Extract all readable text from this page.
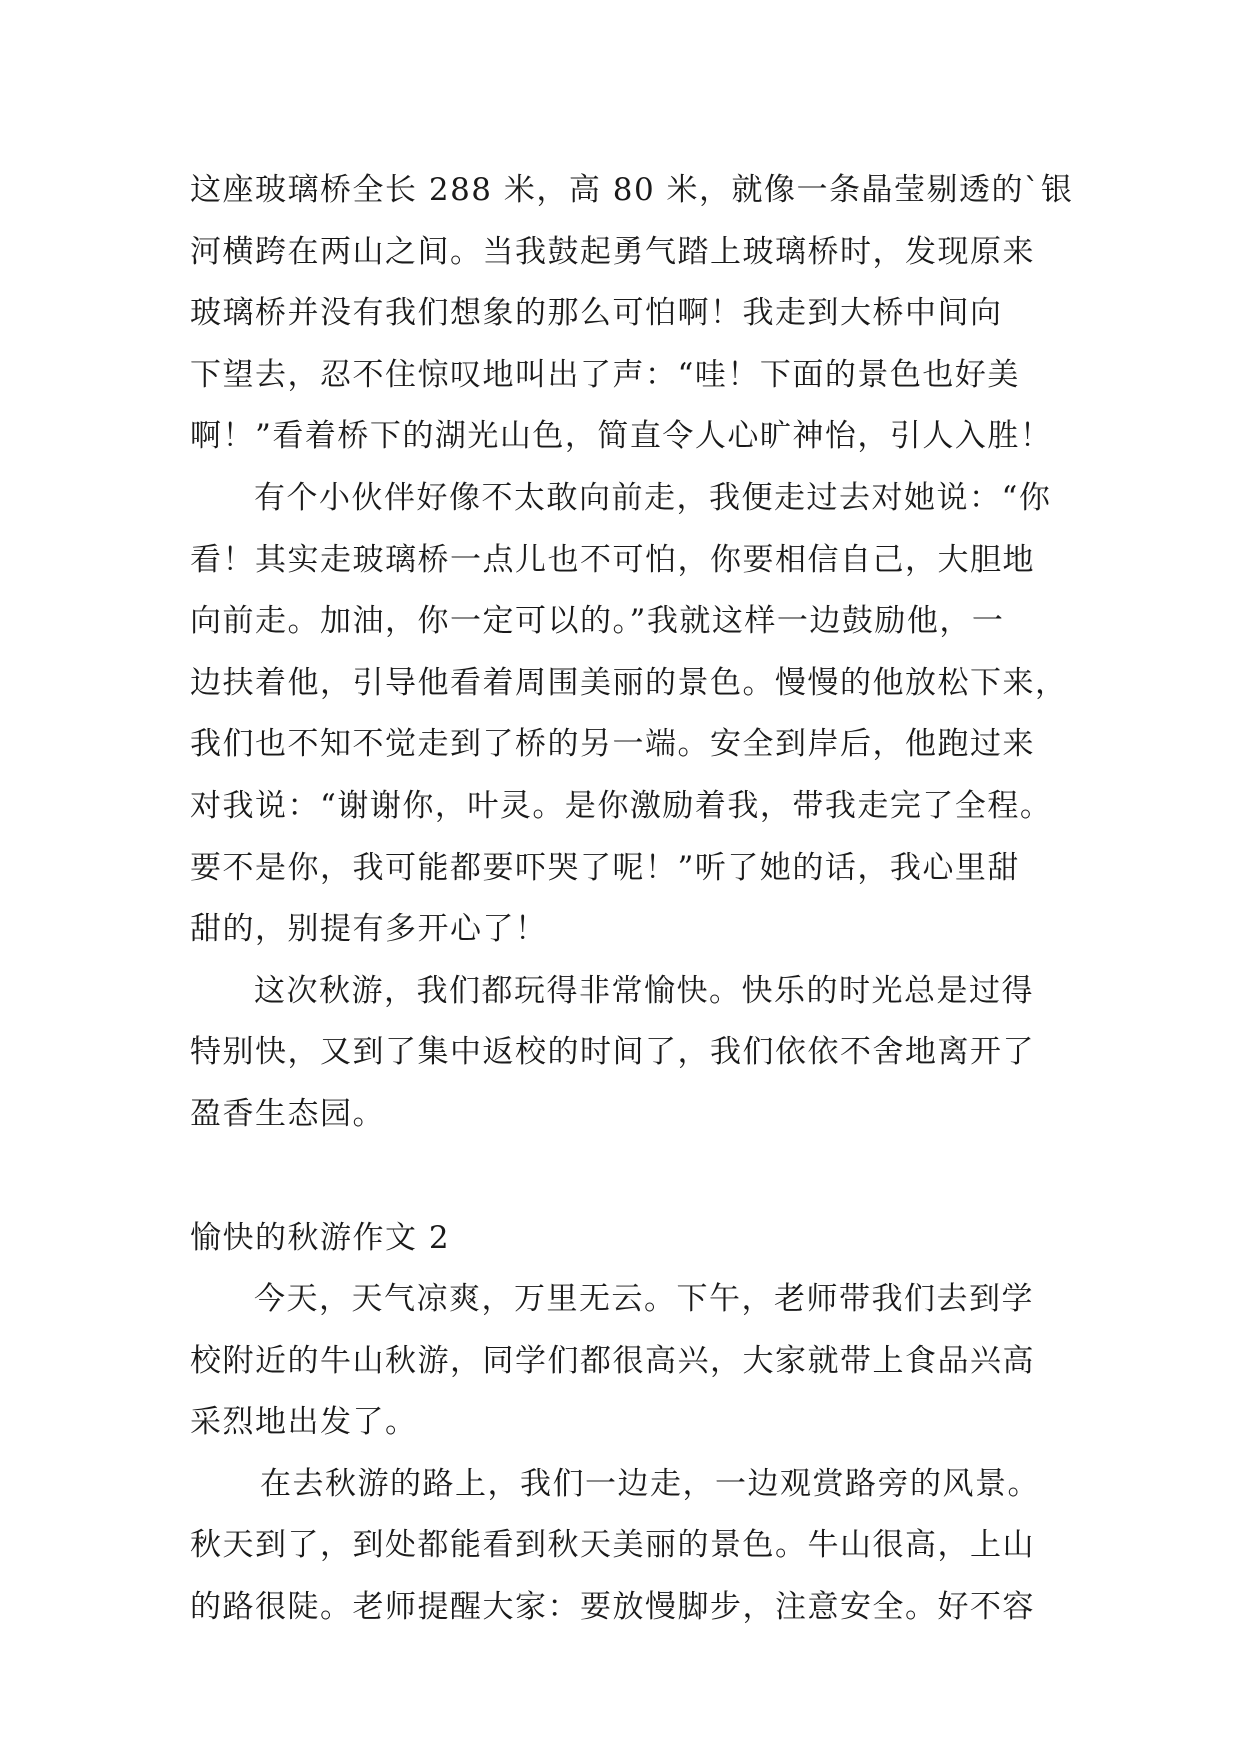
这座玻璃桥全长 288 米，高 80 米，就像一条晶莹剔透的`银
河横跨在两山之间。当我鼓起勇气踏上玻璃桥时，发现原来
玻璃桥并没有我们想象的那么可怕啊！我走到大桥中间向
下望去，忍不住惊叹地叫出了声：“哇！下面的景色也好美
啊！”看着桥下的湖光山色，简直令人心旷神怡，引人入胜！
有个小伙伴好像不太敢向前走，我便走过去对她说：“你
看！其实走玻璃桥一点儿也不可怕，你要相信自己，大胆地
向前走。加油，你一定可以的。”我就这样一边鼓励他，一
边扶着他，引导他看着周围美丽的景色。慢慢的他放松下来，
我们也不知不觉走到了桥的另一端。安全到岸后，他跑过来
对我说：“谢谢你，叶灵。是你激励着我，带我走完了全程。
要不是你，我可能都要吓哭了呢！”听了她的话，我心里甜
甜的，别提有多开心了！
这次秋游，我们都玩得非常愉快。快乐的时光总是过得
特别快，又到了集中返校的时间了，我们依依不舍地离开了
盈香生态园。
愉快的秋游作文 2
今天，天气凉爽，万里无云。下午，老师带我们去到学
校附近的牛山秋游，同学们都很高兴，大家就带上食品兴高
采烈地出发了。
在去秋游的路上，我们一边走，一边观赏路旁的风景。
秋天到了，到处都能看到秋天美丽的景色。牛山很高，上山
的路很陡。老师提醒大家：要放慢脚步，注意安全。好不容
